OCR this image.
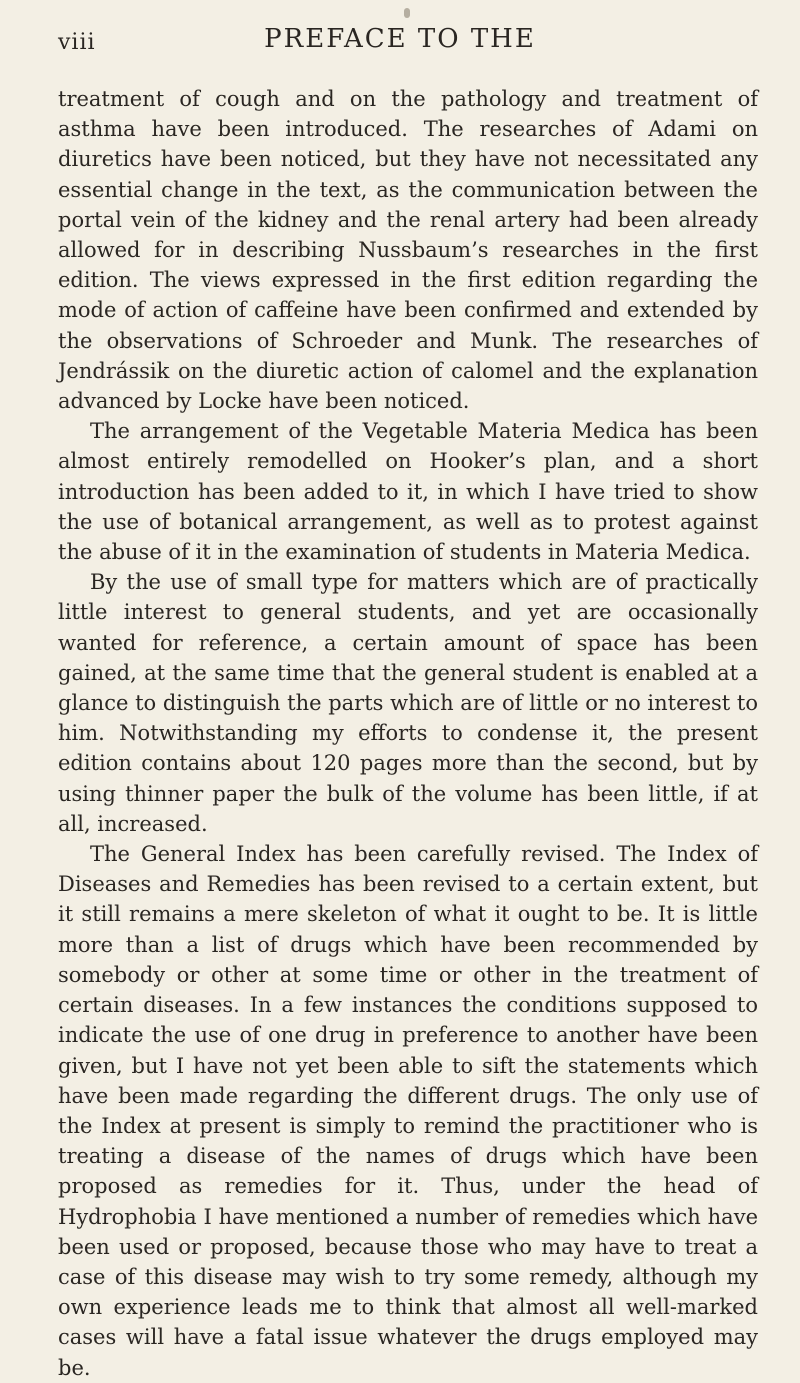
viii	PREFACE TO THE

treatment of cough and on the pathology and treatment of asthma have been introduced. The researches of Adami on diuretics have been noticed, but they have not necessitated any essential change in the text, as the communication between the portal vein of the kidney and the renal artery had been already allowed for in describing Nussbaum’s researches in the first edition. The views expressed in the first edition regarding the mode of action of caffeine have been confirmed and extended by the observations of Schroeder and Munk. The researches of Jendrássik on the diuretic action of calomel and the explanation advanced by Locke have been noticed.

The arrangement of the Vegetable Materia Medica has been almost entirely remodelled on Hooker’s plan, and a short introduction has been added to it, in which I have tried to show the use of botanical arrangement, as well as to protest against the abuse of it in the examination of students in Materia Medica.

By the use of small type for matters which are of practically little interest to general students, and yet are occasionally wanted for reference, a certain amount of space has been gained, at the same time that the general student is enabled at a glance to distinguish the parts which are of little or no interest to him. Notwithstanding my efforts to condense it, the present edition contains about 120 pages more than the second, but by using thinner paper the bulk of the volume has been little, if at all, increased.

The General Index has been carefully revised. The Index of Diseases and Remedies has been revised to a certain extent, but it still remains a mere skeleton of what it ought to be. It is little more than a list of drugs which have been recommended by somebody or other at some time or other in the treatment of certain diseases. In a few instances the conditions supposed to indicate the use of one drug in preference to another have been given, but I have not yet been able to sift the statements which have been made regarding the different drugs. The only use of the Index at present is simply to remind the practitioner who is treating a disease of the names of drugs which have been proposed as remedies for it. Thus, under the head of Hydrophobia I have mentioned a number of remedies which have been used or proposed, because those who may have to treat a case of this disease may wish to try some remedy, although my own experience leads me to think that almost all well-marked cases will have a fatal issue whatever the drugs employed may be.
